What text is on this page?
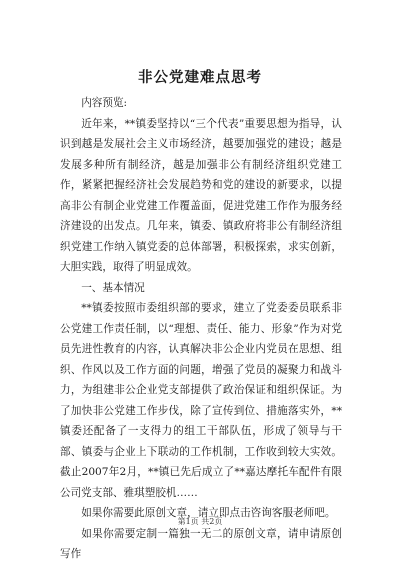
非公党建难点思考

内容预览:

近年来，**镇委坚持以“三个代表”重要思想为指导，认识到越是发展社会主义市场经济，越要加强党的建设；越是发展多种所有制经济，越是加强非公有制经济组织党建工作，紧紧把握经济社会发展趋势和党的建设的新要求，以提高非公有制企业党建工作覆盖面，促进党建工作作为服务经济建设的出发点。几年来，镇委、镇政府将非公有制经济组织党建工作纳入镇党委的总体部署，积极探索，求实创新，大胆实践，取得了明显成效。

一、基本情况

**镇委按照市委组织部的要求，建立了党委委员联系非公党建工作责任制，以“理想、责任、能力、形象”作为对党员先进性教育的内容，认真解决非公企业内党员在思想、组织、作风以及工作方面的问题，增强了党员的凝聚力和战斗力，为组建非公企业党支部提供了政治保证和组织保证。为了加快非公党建工作步伐，除了宣传到位、措施落实外，**镇委还配备了一支得力的组工干部队伍，形成了领导与干部、镇委与企业上下联动的工作机制，工作收到较大实效。截止2007年2月，**镇已先后成立了**嘉达摩托车配件有限公司党支部、雅琪塑胶机……

如果你需要此原创文章，请立即点击咨询客服老师吧。

如果你需要定制一篇独一无二的原创文章，请申请原创写作

第1页 共2页
